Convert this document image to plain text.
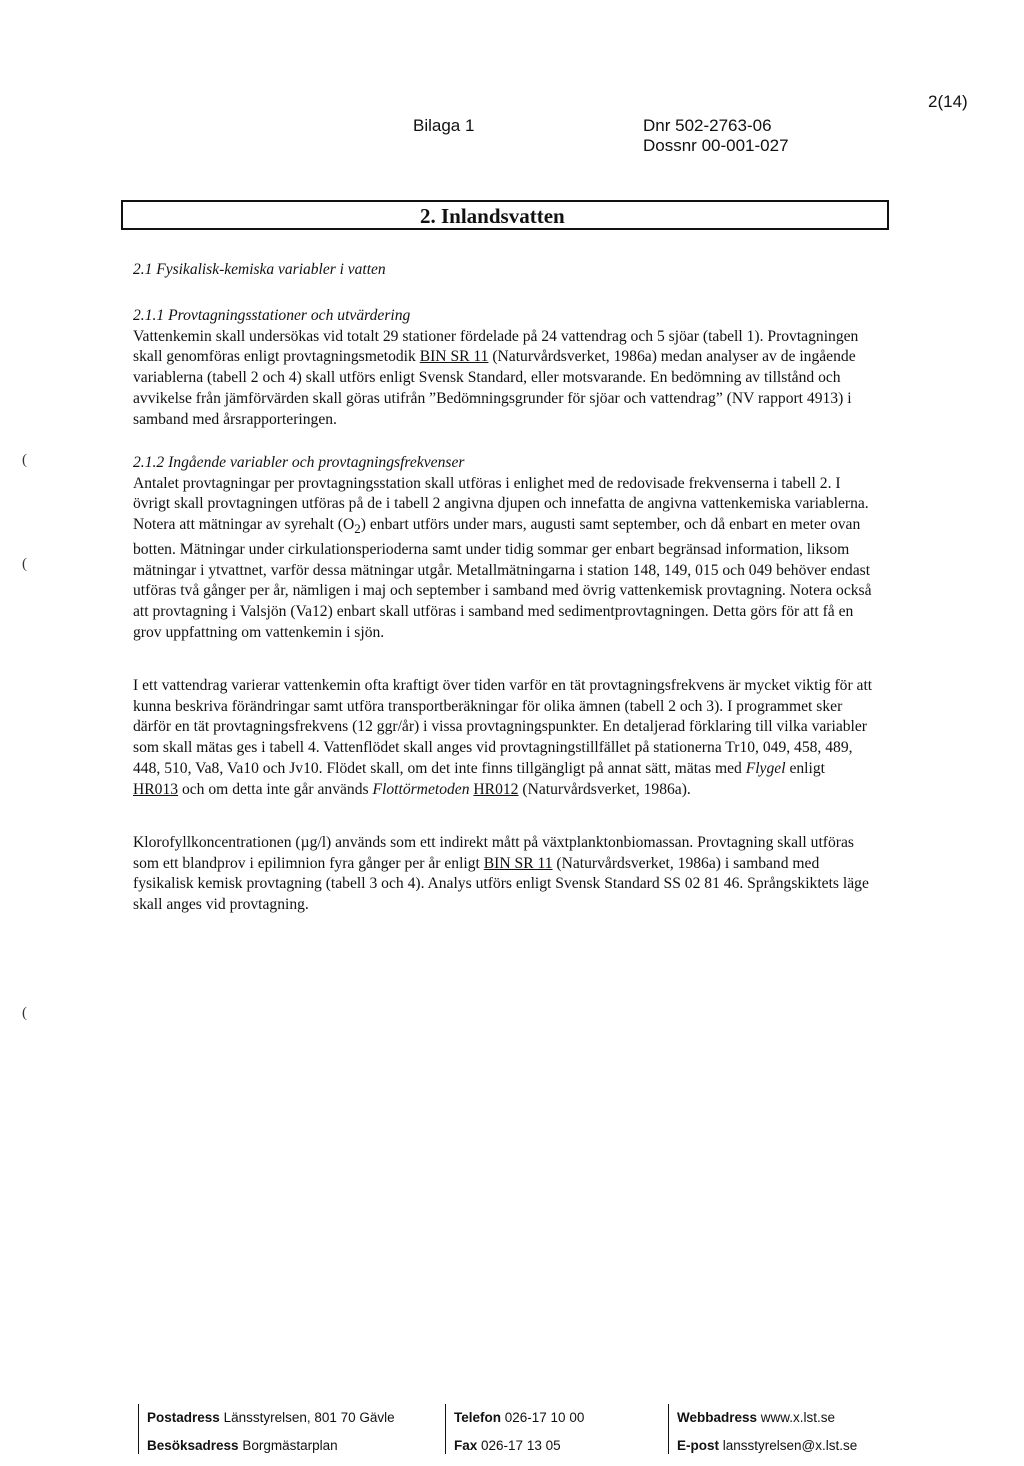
2(14)
Bilaga 1	Dnr 502-2763-06
Dossnr 00-001-027
2. Inlandsvatten
2.1 Fysikalisk-kemiska variabler i vatten

2.1.1 Provtagningsstationer och utvärdering

Vattenkemin skall undersökas vid totalt 29 stationer fördelade på 24 vattendrag och 5 sjöar (tabell 1). Provtagningen skall genomföras enligt provtagningsmetodik BIN SR 11 (Naturvårdsverket, 1986a) medan analyser av de ingående variablerna (tabell 2 och 4) skall utförs enligt Svensk Standard, eller motsvarande. En bedömning av tillstånd och avvikelse från jämförvärden skall göras utifrån ”Bedömningsgrunder för sjöar och vattendrag” (NV rapport 4913) i samband med årsrapporteringen.

(
(
(

2.1.2 Ingående variabler och provtagningsfrekvenser

Antalet provtagningar per provtagningsstation skall utföras i enlighet med de redovisade frekvenserna i tabell 2. I övrigt skall provtagningen utföras på de i tabell 2 angivna djupen och innefatta de angivna vattenkemiska variablerna. Notera att mätningar av syrehalt $(O_2)$ enbart utförs under mars, augusti samt september, och då enbart en meter ovan botten. Mätningar under cirkulationsperioderna samt under tidig sommar ger enbart begränsad information, liksom mätningar i ytvattnet, varför dessa mätningar utgår. Metallmätningarna i station 148, 149, 015 och 049 behöver endast utföras två gånger per år, nämligen i maj och september i samband med övrig vattenkemisk provtagning. Notera också att provtagning i Valsjön (Va12) enbart skall utföras i samband med sedimentprovtagningen. Detta görs för att få en grov uppfattning om vattenkemin i sjön.

I ett vattendrag varierar vattenkemin ofta kraftigt över tiden varför en tät provtagningsfrekvens är mycket viktig för att kunna beskriva förändringar samt utföra transportberäkningar för olika ämnen (tabell 2 och 3). I programmet sker därför en tät provtagningsfrekvens (12 ggr/år) i vissa provtagningspunkter. En detaljerad förklaring till vilka variabler som skall mätas ges i tabell 4. Vattenflödet skall anges vid provtagningstillfället på stationerna Tr10, 049, 458, 489, 448, 510, Va8, Va10 och Jv10. Flödet skall, om det inte finns tillgängligt på annat sätt, mätas med Flygel enligt HR013 och om detta inte går används Flottörmetoden HR012 (Naturvårdsverket, 1986a).

Klorofyllkoncentrationen (µg/l) används som ett indirekt mått på växtplanktonbiomassan. Provtagning skall utföras som ett blandprov i epilimnion fyra gånger per år enligt BIN SR 11 (Naturvårdsverket, 1986a) i samband med fysikalisk kemisk provtagning (tabell 3 och 4). Analys utförs enligt Svensk Standard SS 02 81 46. Språngskiktets läge skall anges vid provtagning.

Postadress Länsstyrelsen, 801 70 Gävle
Besöksadress Borgmästarplan
Telefon 026-17 10 00
Fax 026-17 13 05
Webbadress www.x.lst.se
E-post lansstyrelsen@x.lst.se
